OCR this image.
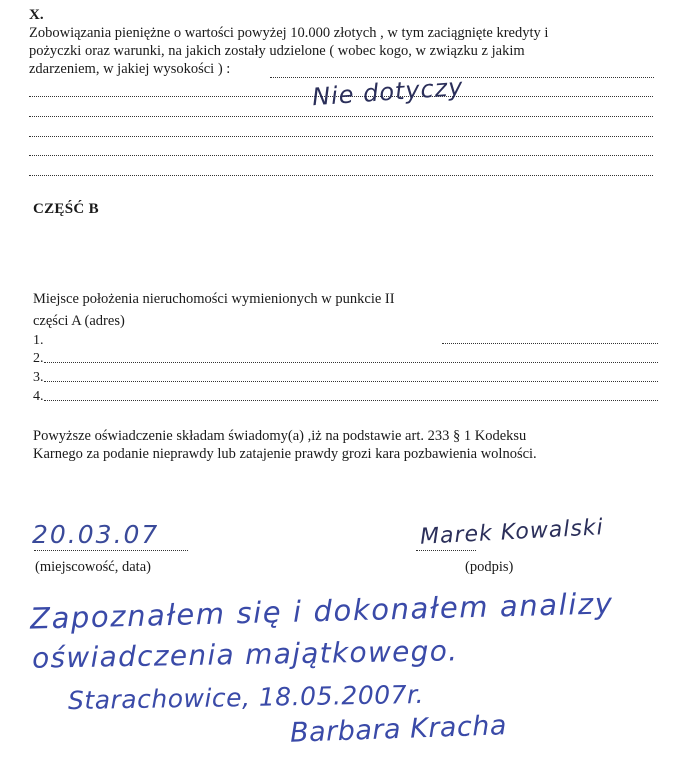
X.
Zobowiązania pieniężne o wartości powyżej 10.000 złotych , w tym zaciągnięte kredyty i
pożyczki oraz warunki, na jakich zostały udzielone ( wobec kogo, w związku z jakim
zdarzeniem, w jakiej wysokości ) :
Nie dotyczy
CZĘŚĆ B
Miejsce położenia nieruchomości wymienionych w punkcie II
części A (adres)
1.
2.
3.
4.
Powyższe oświadczenie składam świadomy(a) ,iż na podstawie art. 233 § 1 Kodeksu
Karnego za podanie nieprawdy lub zatajenie prawdy grozi kara pozbawienia wolności.
20.03.07
(miejscowość, data)	(podpis)
Marek Kowalski
Zapoznałem się i dokonałem analizy
oświadczenia majątkowego.
Starachowice, 18.05.2007r.
Barbara Kracha
